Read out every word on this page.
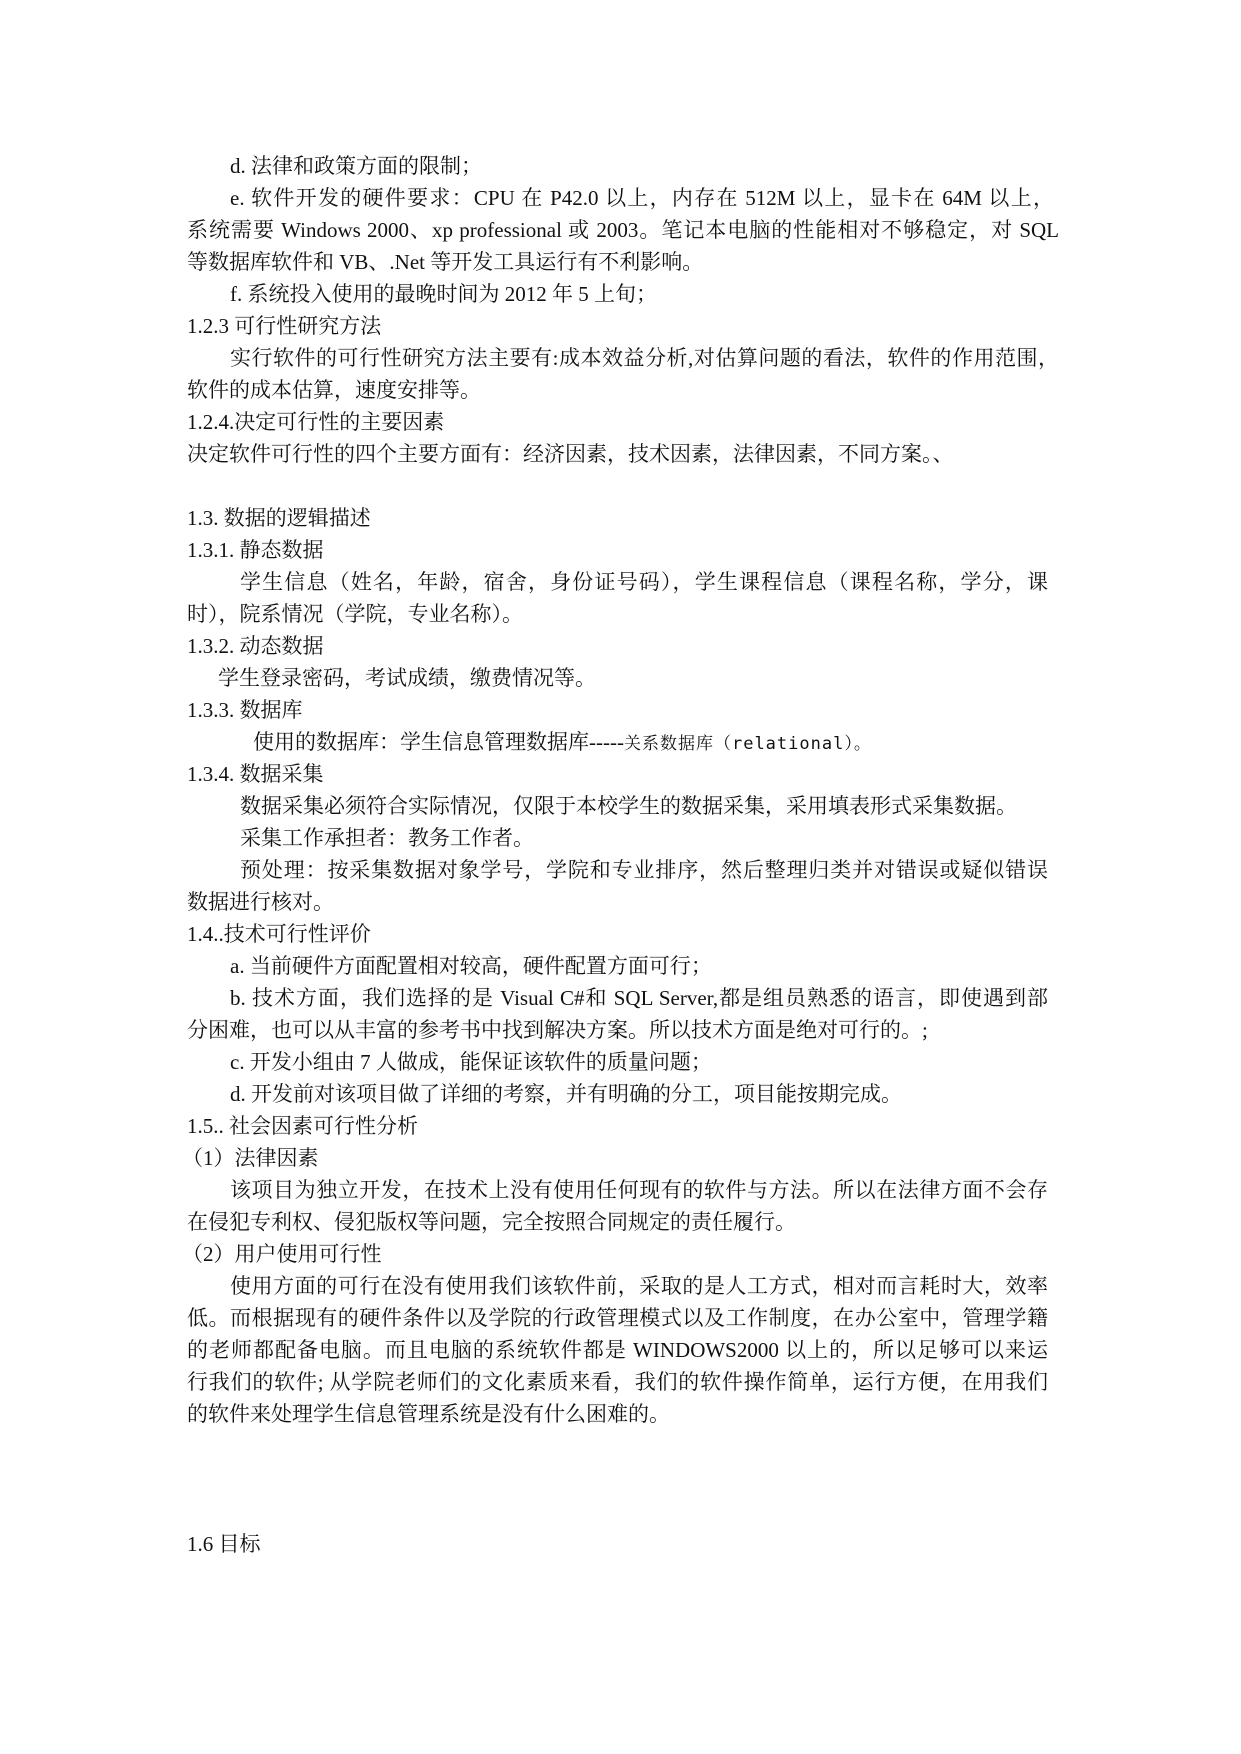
d. 法律和政策方面的限制；

e. 软件开发的硬件要求：CPU 在 P42.0 以上，内存在 512M 以上，显卡在 64M 以上，

系统需要 Windows 2000、xp professional 或 2003。笔记本电脑的性能相对不够稳定，对 SQL

等数据库软件和 VB、.Net 等开发工具运行有不利影响。

f. 系统投入使用的最晚时间为 2012 年 5 上旬；

1.2.3 可行性研究方法

实行软件的可行性研究方法主要有:成本效益分析,对估算问题的看法，软件的作用范围，

软件的成本估算，速度安排等。

1.2.4.决定可行性的主要因素

决定软件可行性的四个主要方面有：经济因素，技术因素，法律因素，不同方案。、

1.3. 数据的逻辑描述

1.3.1. 静态数据

学生信息（姓名，年龄，宿舍，身份证号码），学生课程信息（课程名称，学分，课

时），院系情况（学院，专业名称）。

1.3.2. 动态数据

学生登录密码，考试成绩，缴费情况等。

1.3.3. 数据库

使用的数据库：学生信息管理数据库-----关系数据库（relational）。

1.3.4. 数据采集

数据采集必须符合实际情况，仅限于本校学生的数据采集，采用填表形式采集数据。

采集工作承担者：教务工作者。

预处理：按采集数据对象学号，学院和专业排序，然后整理归类并对错误或疑似错误

数据进行核对。

1.4..技术可行性评价

a. 当前硬件方面配置相对较高，硬件配置方面可行；

b. 技术方面，我们选择的是 Visual C#和 SQL Server,都是组员熟悉的语言，即使遇到部

分困难，也可以从丰富的参考书中找到解决方案。所以技术方面是绝对可行的。;

c. 开发小组由 7 人做成，能保证该软件的质量问题；

d. 开发前对该项目做了详细的考察，并有明确的分工，项目能按期完成。

1.5.. 社会因素可行性分析

（1）法律因素

该项目为独立开发，在技术上没有使用任何现有的软件与方法。所以在法律方面不会存

在侵犯专利权、侵犯版权等问题，完全按照合同规定的责任履行。

（2）用户使用可行性

使用方面的可行在没有使用我们该软件前，采取的是人工方式，相对而言耗时大，效率

低。而根据现有的硬件条件以及学院的行政管理模式以及工作制度，在办公室中，管理学籍

的老师都配备电脑。而且电脑的系统软件都是 WINDOWS2000 以上的，所以足够可以来运

行我们的软件; 从学院老师们的文化素质来看，我们的软件操作简单，运行方便，在用我们

的软件来处理学生信息管理系统是没有什么困难的。

1.6 目标
